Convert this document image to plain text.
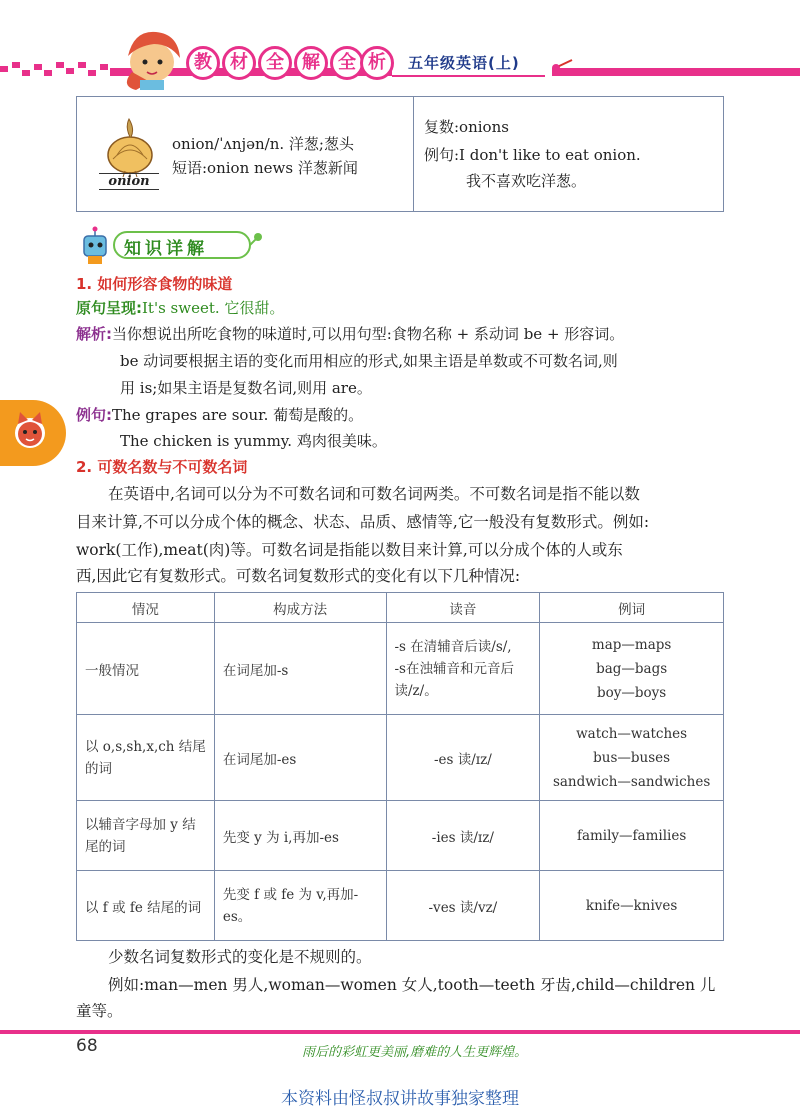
教	材	全	解	全 析	五年级英语(上)
onion
onion/ˈʌnjən/n. 洋葱;葱头
短语:onion news 洋葱新闻
复数:onions
例句:I don't like to eat onion.
我不喜欢吃洋葱。
知识详解
1. 如何形容食物的味道
原句呈现:It's sweet. 它很甜。
解析:当你想说出所吃食物的味道时,可以用句型:食物名称 + 系动词 be + 形容词。
be 动词要根据主语的变化而用相应的形式,如果主语是单数或不可数名词,则
用 is;如果主语是复数名词,则用 are。
例句:The grapes are sour. 葡萄是酸的。
The chicken is yummy. 鸡肉很美味。
2. 可数名数与不可数名词
在英语中,名词可以分为不可数名词和可数名词两类。不可数名词是指不能以数
目来计算,不可以分成个体的概念、状态、品质、感情等,它一般没有复数形式。例如:
work(工作),meat(肉)等。可数名词是指能以数目来计算,可以分成个体的人或东
西,因此它有复数形式。可数名词复数形式的变化有以下几种情况:
情况	构成方法	读音	例词
一般情况	在词尾加-s	-s 在清辅音后读/s/,
-s在浊辅音和元音后
读/z/。	map—maps
bag—bags
boy—boys

以 o,s,sh,x,ch 结尾的词	在词尾加-es	-es 读/ɪz/	watch—watches
bus—buses
sandwich—sandwiches

以辅音字母加 y 结尾的词	先变 y 为 i,再加-es	-ies 读/ɪz/	family—families
以 f 或 fe 结尾的词	先变 f 或 fe 为 v,再加-es。	-ves 读/vz/	knife—knives
少数名词复数形式的变化是不规则的。
例如:man—men 男人,woman—women 女人,tooth—teeth 牙齿,child—children 儿
童等。
68	雨后的彩虹更美丽,磨难的人生更辉煌。
本资料由怪叔叔讲故事独家整理
